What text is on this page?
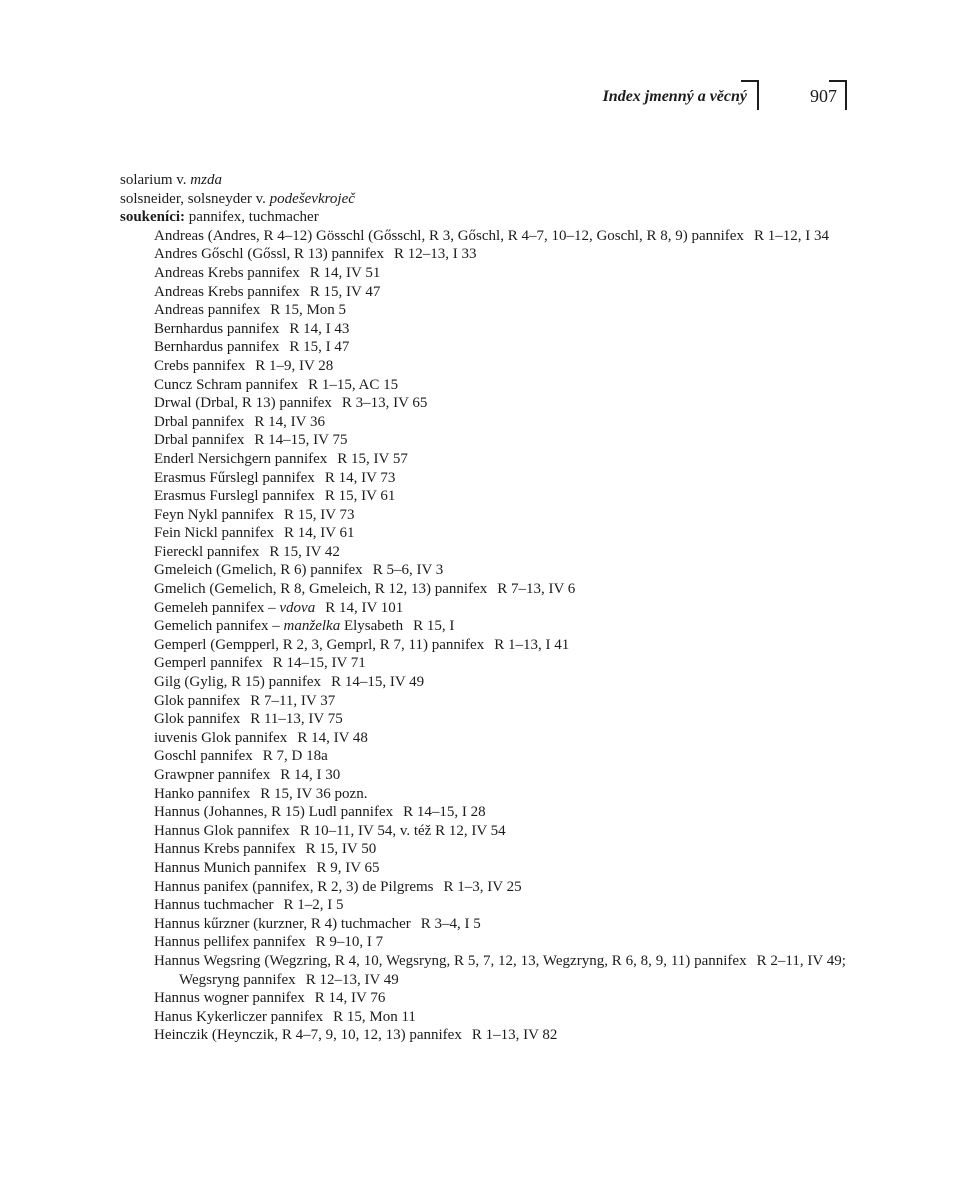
Index jmenný a věcný	907
solarium v. mzda
solsneider, solsneyder v. podeševkroječ
soukeníci: pannifex, tuchmacher
Andreas (Andres, R 4–12) Gösschl (Gősschl, R 3, Gőschl, R 4–7, 10–12, Goschl, R 8, 9) pannifex R 1–12, I 34
Andres Gőschl (Gőssl, R 13) pannifex R 12–13, I 33
Andreas Krebs pannifex R 14, IV 51
Andreas Krebs pannifex R 15, IV 47
Andreas pannifex R 15, Mon 5
Bernhardus pannifex R 14, I 43
Bernhardus pannifex R 15, I 47
Crebs pannifex R 1–9, IV 28
Cuncz Schram pannifex R 1–15, AC 15
Drwal (Drbal, R 13) pannifex R 3–13, IV 65
Drbal pannifex R 14, IV 36
Drbal pannifex R 14–15, IV 75
Enderl Nersichgern pannifex R 15, IV 57
Erasmus Fűrslegl pannifex R 14, IV 73
Erasmus Furslegl pannifex R 15, IV 61
Feyn Nykl pannifex R 15, IV 73
Fein Nickl pannifex R 14, IV 61
Fiereckl pannifex R 15, IV 42
Gmeleich (Gmelich, R 6) pannifex R 5–6, IV 3
Gmelich (Gemelich, R 8, Gmeleich, R 12, 13) pannifex R 7–13, IV 6
Gemeleh pannifex – vdova R 14, IV 101
Gemelich pannifex – manželka Elysabeth R 15, I
Gemperl (Gempperl, R 2, 3, Gemprl, R 7, 11) pannifex R 1–13, I 41
Gemperl pannifex R 14–15, IV 71
Gilg (Gylig, R 15) pannifex R 14–15, IV 49
Glok pannifex R 7–11, IV 37
Glok pannifex R 11–13, IV 75
iuvenis Glok pannifex R 14, IV 48
Goschl pannifex R 7, D 18a
Grawpner pannifex R 14, I 30
Hanko pannifex R 15, IV 36 pozn.
Hannus (Johannes, R 15) Ludl pannifex R 14–15, I 28
Hannus Glok pannifex R 10–11, IV 54, v. též R 12, IV 54
Hannus Krebs pannifex R 15, IV 50
Hannus Munich pannifex R 9, IV 65
Hannus panifex (pannifex, R 2, 3) de Pilgrems R 1–3, IV 25
Hannus tuchmacher R 1–2, I 5
Hannus kűrzner (kurzner, R 4) tuchmacher R 3–4, I 5
Hannus pellifex pannifex R 9–10, I 7
Hannus Wegsring (Wegzring, R 4, 10, Wegsryng, R 5, 7, 12, 13, Wegzryng, R 6, 8, 9, 11) pannifex R 2–11, IV 49; Wegsryng pannifex R 12–13, IV 49
Hannus wogner pannifex R 14, IV 76
Hanus Kykerliczer pannifex R 15, Mon 11
Heinczik (Heynczik, R 4–7, 9, 10, 12, 13) pannifex R 1–13, IV 82
